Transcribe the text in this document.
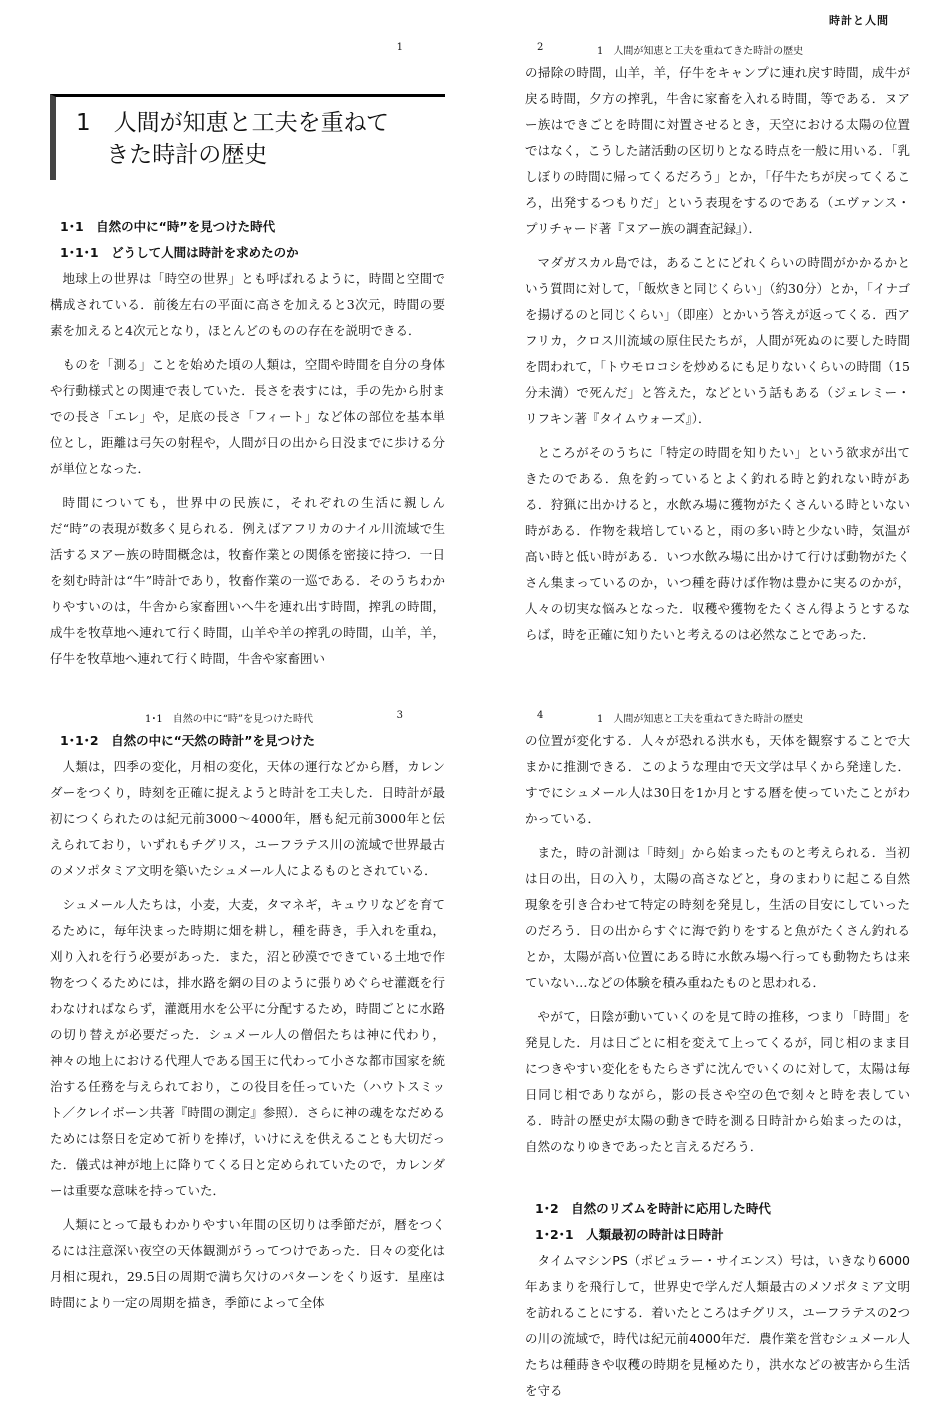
時計と人間
1
1　人間が知恵と工夫を重ねて
　 きた時計の歴史
1･1　自然の中に“時”を見つけた時代
1･1･1　どうして人間は時計を求めたのか

地球上の世界は「時空の世界」とも呼ばれるように，時間と空間で構成されている．前後左右の平面に高さを加えると3次元，時間の要素を加えると4次元となり，ほとんどのものの存在を説明できる．

ものを「測る」ことを始めた頃の人類は，空間や時間を自分の身体や行動様式との関連で表していた．長さを表すには，手の先から肘までの長さ「エレ」や，足底の長さ「フィート」など体の部位を基本単位とし，距離は弓矢の射程や，人間が日の出から日没までに歩ける分が単位となった．

時間についても，世界中の民族に，それぞれの生活に親しんだ“時”の表現が数多く見られる．例えばアフリカのナイル川流域で生活するヌアー族の時間概念は，牧畜作業との関係を密接に持つ．一日を刻む時計は“牛”時計であり，牧畜作業の一巡である．そのうちわかりやすいのは，牛舎から家畜囲いへ牛を連れ出す時間，搾乳の時間，成牛を牧草地へ連れて行く時間，山羊や羊の搾乳の時間，山羊，羊，仔牛を牧草地へ連れて行く時間，牛舎や家畜囲い

2	1　人間が知恵と工夫を重ねてきた時計の歴史

の掃除の時間，山羊，羊，仔牛をキャンプに連れ戻す時間，成牛が戻る時間，夕方の搾乳，牛舎に家畜を入れる時間，等である．ヌアー族はできごとを時間に対置させるとき，天空における太陽の位置ではなく，こうした諸活動の区切りとなる時点を一般に用いる．「乳しぼりの時間に帰ってくるだろう」とか，「仔牛たちが戻ってくるころ，出発するつもりだ」という表現をするのである（エヴァンス・プリチャード著『ヌアー族の調査記録』）．

マダガスカル島では，あることにどれくらいの時間がかかるかという質問に対して，「飯炊きと同じくらい」（約30分）とか，「イナゴを揚げるのと同じくらい」（即座）とかいう答えが返ってくる．西アフリカ，クロス川流域の原住民たちが，人間が死ぬのに要した時間を問われて，「トウモロコシを炒めるにも足りないくらいの時間（15分未満）で死んだ」と答えた，などという話もある（ジェレミー・リフキン著『タイムウォーズ』）．

ところがそのうちに「特定の時間を知りたい」という欲求が出てきたのである．魚を釣っているとよく釣れる時と釣れない時がある．狩猟に出かけると，水飲み場に獲物がたくさんいる時といない時がある．作物を栽培していると，雨の多い時と少ない時，気温が高い時と低い時がある．いつ水飲み場に出かけて行けば動物がたくさん集まっているのか，いつ種を蒔けば作物は豊かに実るのかが，人々の切実な悩みとなった．収穫や獲物をたくさん得ようとするならば，時を正確に知りたいと考えるのは必然なことであった．

1･1　自然の中に“時”を見つけた時代	3
1･1･2　自然の中に“天然の時計”を見つけた

人類は，四季の変化，月相の変化，天体の運行などから暦，カレンダーをつくり，時刻を正確に捉えようと時計を工夫した．日時計が最初につくられたのは紀元前3000〜4000年，暦も紀元前3000年と伝えられており，いずれもチグリス，ユーフラテス川の流域で世界最古のメソポタミア文明を築いたシュメール人によるものとされている．

シュメール人たちは，小麦，大麦，タマネギ，キュウリなどを育てるために，毎年決まった時期に畑を耕し，種を蒔き，手入れを重ね，刈り入れを行う必要があった．また，沼と砂漠でできている土地で作物をつくるためには，排水路を網の目のように張りめぐらせ灌漑を行わなければならず，灌漑用水を公平に分配するため，時間ごとに水路の切り替えが必要だった．シュメール人の僧侶たちは神に代わり，神々の地上における代理人である国王に代わって小さな都市国家を統治する任務を与えられており，この役目を任っていた（ハウトスミット／クレイボーン共著『時間の測定』参照）．さらに神の魂をなだめるためには祭日を定めて祈りを捧げ，いけにえを供えることも大切だった．儀式は神が地上に降りてくる日と定められていたので，カレンダーは重要な意味を持っていた．

人類にとって最もわかりやすい年間の区切りは季節だが，暦をつくるには注意深い夜空の天体観測がうってつけであった．日々の変化は月相に現れ，29.5日の周期で満ち欠けのパターンをくり返す．星座は時間により一定の周期を描き，季節によって全体

4	1　人間が知恵と工夫を重ねてきた時計の歴史

の位置が変化する．人々が恐れる洪水も，天体を観察することで大まかに推測できる．このような理由で天文学は早くから発達した．すでにシュメール人は30日を1か月とする暦を使っていたことがわかっている．

また，時の計測は「時刻」から始まったものと考えられる．当初は日の出，日の入り，太陽の高さなどと，身のまわりに起こる自然現象を引き合わせて特定の時刻を発見し，生活の目安にしていったのだろう．日の出からすぐに海で釣りをすると魚がたくさん釣れるとか，太陽が高い位置にある時に水飲み場へ行っても動物たちは来ていない…などの体験を積み重ねたものと思われる．

やがて，日陰が動いていくのを見て時の推移，つまり「時間」を発見した．月は日ごとに相を変えて上ってくるが，同じ相のまま目につきやすい変化をもたらさずに沈んでいくのに対して，太陽は毎日同じ相でありながら，影の長さや空の色で刻々と時を表している．時計の歴史が太陽の動きで時を測る日時計から始まったのは，自然のなりゆきであったと言えるだろう．

1･2　自然のリズムを時計に応用した時代
1･2･1　人類最初の時計は日時計

タイムマシンPS（ポピュラー・サイエンス）号は，いきなり6000年あまりを飛行して，世界史で学んだ人類最古のメソポタミア文明を訪れることにする．着いたところはチグリス，ユーフラテスの2つの川の流域で，時代は紀元前4000年だ．農作業を営むシュメール人たちは種蒔きや収穫の時期を見極めたり，洪水などの被害から生活を守る
